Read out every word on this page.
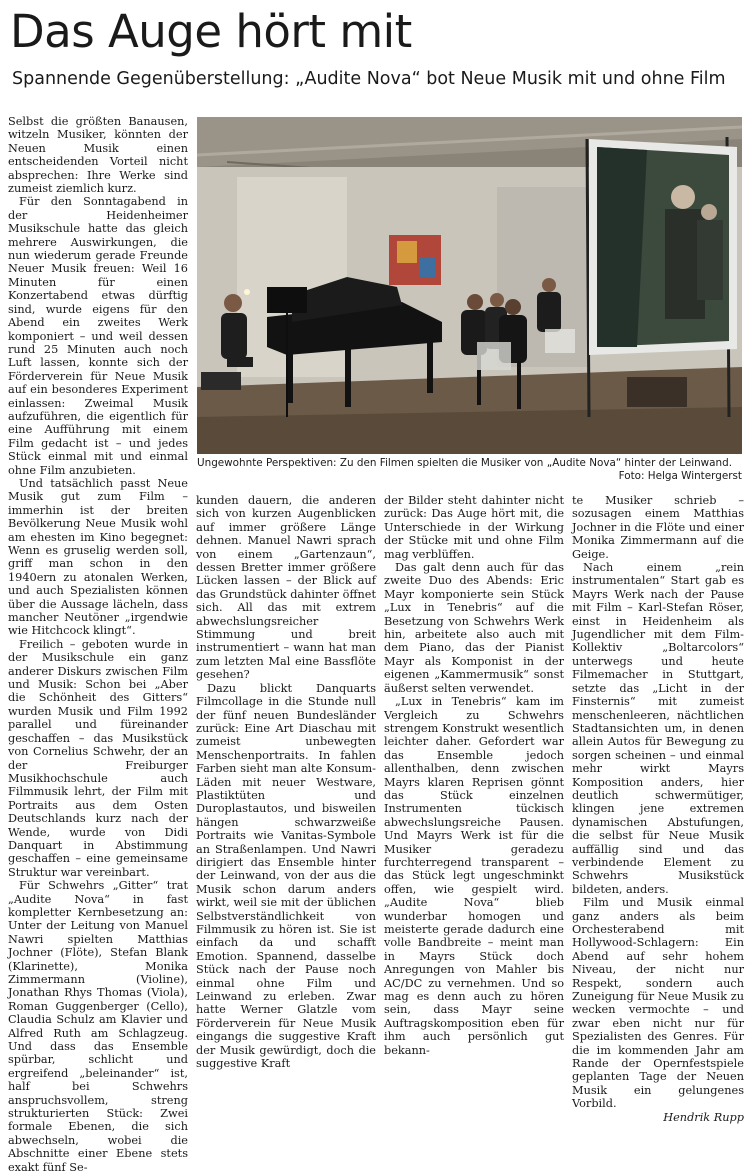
Das Auge hört mit
Spannende Gegenüberstellung: „Audite Nova“ bot Neue Musik mit und ohne Film

Selbst die größten Banausen, witzeln Musiker, könnten der Neuen Musik einen entscheidenden Vorteil nicht absprechen: Ihre Werke sind zumeist ziemlich kurz.

Für den Sonntagabend in der Heidenheimer Musikschule hatte das gleich mehrere Auswirkungen, die nun wiederum gerade Freunde Neuer Musik freuen: Weil 16 Minuten für einen Konzertabend etwas dürftig sind, wurde eigens für den Abend ein zweites Werk komponiert – und weil dessen rund 25 Minuten auch noch Luft lassen, konnte sich der Förderverein für Neue Musik auf ein besonderes Experiment einlassen: Zweimal Musik aufzuführen, die eigentlich für eine Aufführung mit einem Film gedacht ist – und jedes Stück einmal mit und einmal ohne Film anzubieten.

Und tatsächlich passt Neue Musik gut zum Film – immerhin ist der breiten Bevölkerung Neue Musik wohl am ehesten im Kino begegnet: Wenn es gruselig werden soll, griff man schon in den 1940ern zu atonalen Werken, und auch Spezialisten können über die Aussage lächeln, dass mancher Neutöner „irgendwie wie Hitchcock klingt“.

Freilich – geboten wurde in der Musikschule ein ganz anderer Diskurs zwischen Film und Musik: Schon bei „Aber die Schönheit des Gitters“ wurden Musik und Film 1992 parallel und füreinander geschaffen – das Musikstück von Cornelius Schwehr, der an der Freiburger Musikhochschule auch Filmmusik lehrt, der Film mit Portraits aus dem Osten Deutschlands kurz nach der Wende, wurde von Didi Danquart in Abstimmung geschaffen – eine gemeinsame Struktur war vereinbart.

Für Schwehrs „Gitter“ trat „Audite Nova“ in fast kompletter Kernbesetzung an: Unter der Leitung von Manuel Nawri spielten Matthias Jochner (Flöte), Stefan Blank (Klarinette), Monika Zimmermann (Violine), Jonathan Rhys Thomas (Viola), Roman Guggenberger (Cello), Claudia Schulz am Klavier und Alfred Ruth am Schlagzeug. Und dass das Ensemble spürbar, schlicht und ergreifend „beleinander“ ist, half bei Schwehrs anspruchsvollem, streng strukturierten Stück: Zwei formale Ebenen, die sich abwechseln, wobei die Abschnitte einer Ebene stets exakt fünf Se-

Ungewohnte Perspektiven: Zu den Filmen spielten die Musiker von „Audite Nova“ hinter der Leinwand.
Foto: Helga Wintergerst

kunden dauern, die anderen sich von kurzen Augenblicken auf immer größere Länge dehnen. Manuel Nawri sprach von einem „Gartenzaun“, dessen Bretter immer größere Lücken lassen – der Blick auf das Grundstück dahinter öffnet sich. All das mit extrem abwechslungsreicher Stimmung und breit instrumentiert – wann hat man zum letzten Mal eine Bassflöte gesehen?

Dazu blickt Danquarts Filmcollage in die Stunde null der fünf neuen Bundesländer zurück: Eine Art Diaschau mit zumeist unbewegten Menschenportraits. In fahlen Farben sieht man alte Konsum-Läden mit neuer Westware, Plastiktüten und Duroplastautos, und bisweilen hängen schwarzweiße Portraits wie Vanitas-Symbole an Straßenlampen. Und Nawri dirigiert das Ensemble hinter der Leinwand, von der aus die Musik schon darum anders wirkt, weil sie mit der üblichen Selbstverständlichkeit von Filmmusik zu hören ist. Sie ist einfach da und schafft Emotion. Spannend, dasselbe Stück nach der Pause noch einmal ohne Film und Leinwand zu erleben. Zwar hatte Werner Glatzle vom Förderverein für Neue Musik eingangs die suggestive Kraft der Musik gewürdigt, doch die suggestive Kraft

der Bilder steht dahinter nicht zurück: Das Auge hört mit, die Unterschiede in der Wirkung der Stücke mit und ohne Film mag verblüffen.

Das galt denn auch für das zweite Duo des Abends: Eric Mayr komponierte sein Stück „Lux in Tenebris“ auf die Besetzung von Schwehrs Werk hin, arbeitete also auch mit dem Piano, das der Pianist Mayr als Komponist in der eigenen „Kammermusik“ sonst äußerst selten verwendet.

„Lux in Tenebris“ kam im Vergleich zu Schwehrs strengem Konstrukt wesentlich leichter daher. Gefordert war das Ensemble jedoch allenthalben, denn zwischen Mayrs klaren Reprisen gönnt das Stück einzelnen Instrumenten tückisch abwechslungsreiche Pausen. Und Mayrs Werk ist für die Musiker geradezu furchterregend transparent – das Stück legt ungeschminkt offen, wie gespielt wird. „Audite Nova“ blieb wunderbar homogen und meisterte gerade dadurch eine volle Bandbreite – meint man in Mayrs Stück doch Anregungen von Mahler bis AC/DC zu vernehmen. Und so mag es denn auch zu hören sein, dass Mayr seine Auftragskomposition eben für ihm auch persönlich gut bekann-

te Musiker schrieb – sozusagen einem Matthias Jochner in die Flöte und einer Monika Zimmermann auf die Geige.

Nach einem „rein instrumentalen“ Start gab es Mayrs Werk nach der Pause mit Film – Karl-Stefan Röser, einst in Heidenheim als Jugendlicher mit dem Film-Kollektiv „Boltarcolors“ unterwegs und heute Filmemacher in Stuttgart, setzte das „Licht in der Finsternis“ mit zumeist menschenleeren, nächtlichen Stadtansichten um, in denen allein Autos für Bewegung zu sorgen scheinen – und einmal mehr wirkt Mayrs Komposition anders, hier deutlich schwermütiger, klingen jene extremen dynamischen Abstufungen, die selbst für Neue Musik auffällig sind und das verbindende Element zu Schwehrs Musikstück bildeten, anders.

Film und Musik einmal ganz anders als beim Orchesterabend mit Hollywood-Schlagern: Ein Abend auf sehr hohem Niveau, der nicht nur Respekt, sondern auch Zuneigung für Neue Musik zu wecken vermochte – und zwar eben nicht nur für Spezialisten des Genres. Für die im kommenden Jahr am Rande der Opernfestspiele geplanten Tage der Neuen Musik ein gelungenes Vorbild.

Hendrik Rupp
